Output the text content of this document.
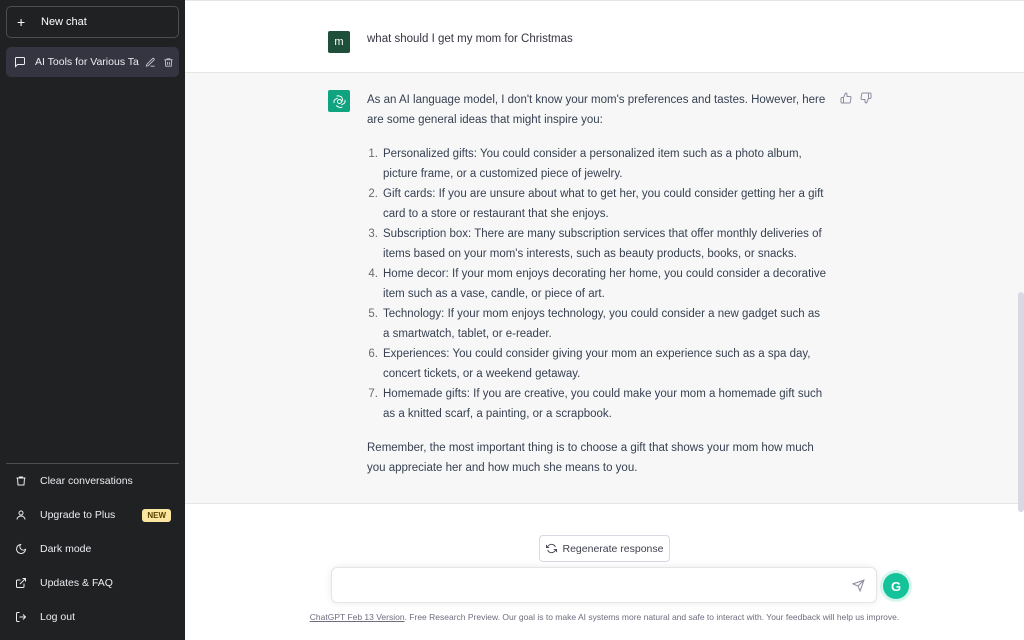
+	New chat
AI Tools for Various Ta
Clear conversations
Upgrade to Plus	NEW
Dark mode
Updates & FAQ
Log out
m	what should I get my mom for Christmas

As an AI language model, I don't know your mom's preferences and tastes. However, here are some general ideas that might inspire you:

1. Personalized gifts: You could consider a personalized item such as a photo album, picture frame, or a customized piece of jewelry.
2. Gift cards: If you are unsure about what to get her, you could consider getting her a gift card to a store or restaurant that she enjoys.
3. Subscription box: There are many subscription services that offer monthly deliveries of items based on your mom's interests, such as beauty products, books, or snacks.
4. Home decor: If your mom enjoys decorating her home, you could consider a decorative item such as a vase, candle, or piece of art.
5. Technology: If your mom enjoys technology, you could consider a new gadget such as a smartwatch, tablet, or e-reader.
6. Experiences: You could consider giving your mom an experience such as a spa day, concert tickets, or a weekend getaway.
7. Homemade gifts: If you are creative, you could make your mom a homemade gift such as a knitted scarf, a painting, or a scrapbook.

Remember, the most important thing is to choose a gift that shows your mom how much you appreciate her and how much she means to you.

Regenerate response
G
ChatGPT Feb 13 Version. Free Research Preview. Our goal is to make AI systems more natural and safe to interact with. Your feedback will help us improve.
